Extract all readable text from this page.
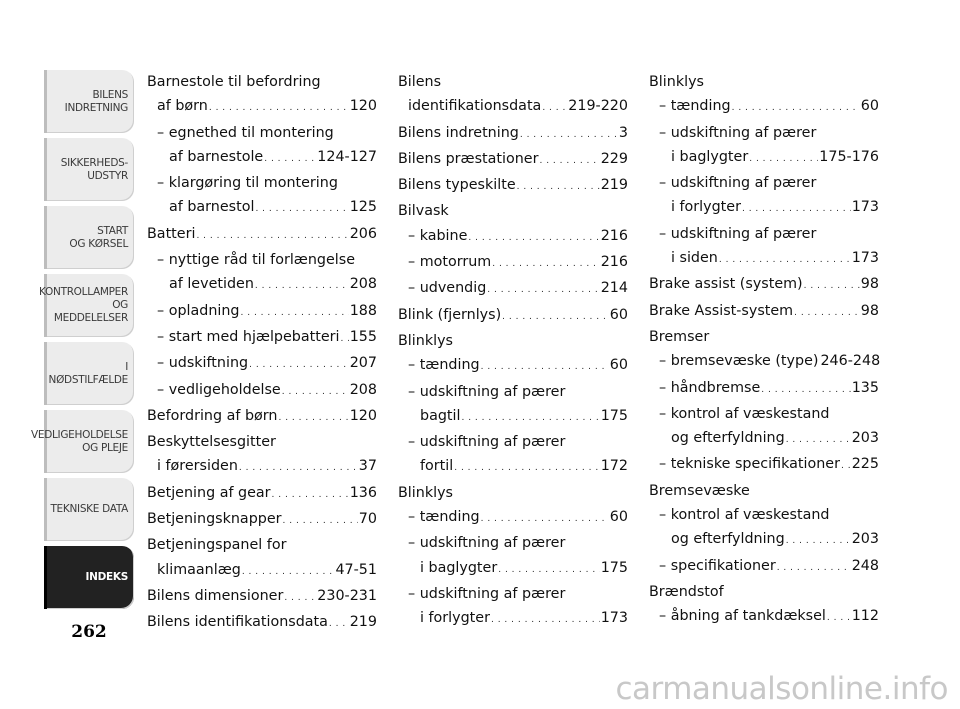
BILENS
INDRETNING
SIKKERHEDS-
UDSTYR
START
OG KØRSEL
KONTROLLAMPER
OG MEDDELELSER
I NØDSTILFÆLDE
VEDLIGEHOLDELSE
OG PLEJE
TEKNISKE DATA
INDEKS
262
Barnestole til befordring
af børn . . .	120
– egnethed til montering
af barnestole . . .	124-127
– klargøring til montering
af barnestol . . .	125
Batteri . . .	206
– nyttige råd til forlængelse
af levetiden . . .	208
– opladning . . .	188
– start med hjælpebatteri . . . 155
– udskiftning . . .	207
– vedligeholdelse . . .	208
Befordring af børn . . .	120
Beskyttelsesgitter
i førersiden . . .	37
Betjening af gear . . .	136
Betjeningsknapper . . .	70
Betjeningspanel for
klimaanlæg . . .	47-51
Bilens dimensioner . . . 230-231
Bilens identifikationsdata . . . 219
Bilens
identifikationsdata . . . 219-220
Bilens indretning . . .	3
Bilens præstationer . . .	229
Bilens typeskilte . . .	219
Bilvask
– kabine . . .	216
– motorrum . . .	216
– udvendig . . .	214
Blink (fjernlys) . . .	60
Blinklys
– tænding . . .	60
– udskiftning af pærer
bagtil . . .	175
– udskiftning af pærer
fortil . . .	172
Blinklys
– tænding . . .	60
– udskiftning af pærer
i baglygter . . .	175
– udskiftning af pærer
i forlygter . . .	173
Blinklys
– tænding . . .	60
– udskiftning af pærer
i baglygter . . .	175-176
– udskiftning af pærer
i forlygter . . .	173
– udskiftning af pærer
i siden . . .	173
Brake assist (system) . . .	98
Brake Assist-system . . .	98
Bremser
– bremsevæske (type) 246-248
– håndbremse . . .	135
– kontrol af væskestand
og efterfyldning . . .	203
– tekniske specifikationer . . . 225
Bremsevæske
– kontrol af væskestand
og efterfyldning . . .	203
– specifikationer . . .	248
Brændstof
– åbning af tankdæksel . . . 112
carmanualsonline.info
